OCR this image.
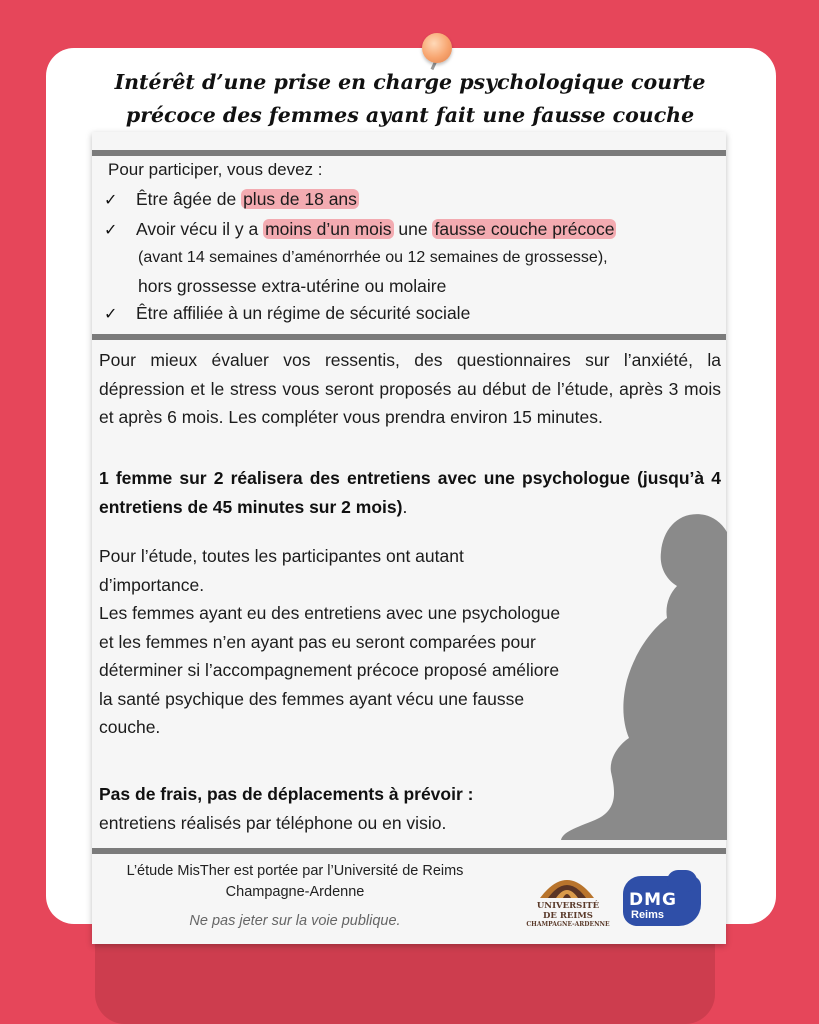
Intérêt d’une prise en charge psychologique courte
précoce des femmes ayant fait une fausse couche
Pour participer, vous devez :
✓ Être âgée de plus de 18 ans
✓ Avoir vécu il y a moins d’un mois une fausse couche précoce
(avant 14 semaines d’aménorrhée ou 12 semaines de grossesse),
hors grossesse extra-utérine ou molaire
✓ Être affiliée à un régime de sécurité sociale
Pour mieux évaluer vos ressentis, des questionnaires sur l’anxiété, la dépression et le stress vous seront proposés au début de l’étude, après 3 mois et après 6 mois. Les compléter vous prendra environ 15 minutes.
1 femme sur 2 réalisera des entretiens avec une psychologue (jusqu’à 4 entretiens de 45 minutes sur 2 mois).
Pour l’étude, toutes les participantes ont autant d’importance.
Les femmes ayant eu des entretiens avec une psychologue et les femmes n’en ayant pas eu seront comparées pour déterminer si l’accompagnement précoce proposé améliore la santé psychique des femmes ayant vécu une fausse couche.
Pas de frais, pas de déplacements à prévoir :
entretiens réalisés par téléphone ou en visio.
L’étude MisTher est portée par l’Université de Reims
Champagne-Ardenne
Ne pas jeter sur la voie publique.
UNIVERSITÉ
DE REIMS
CHAMPAGNE-ARDENNE
DMG
Reims
